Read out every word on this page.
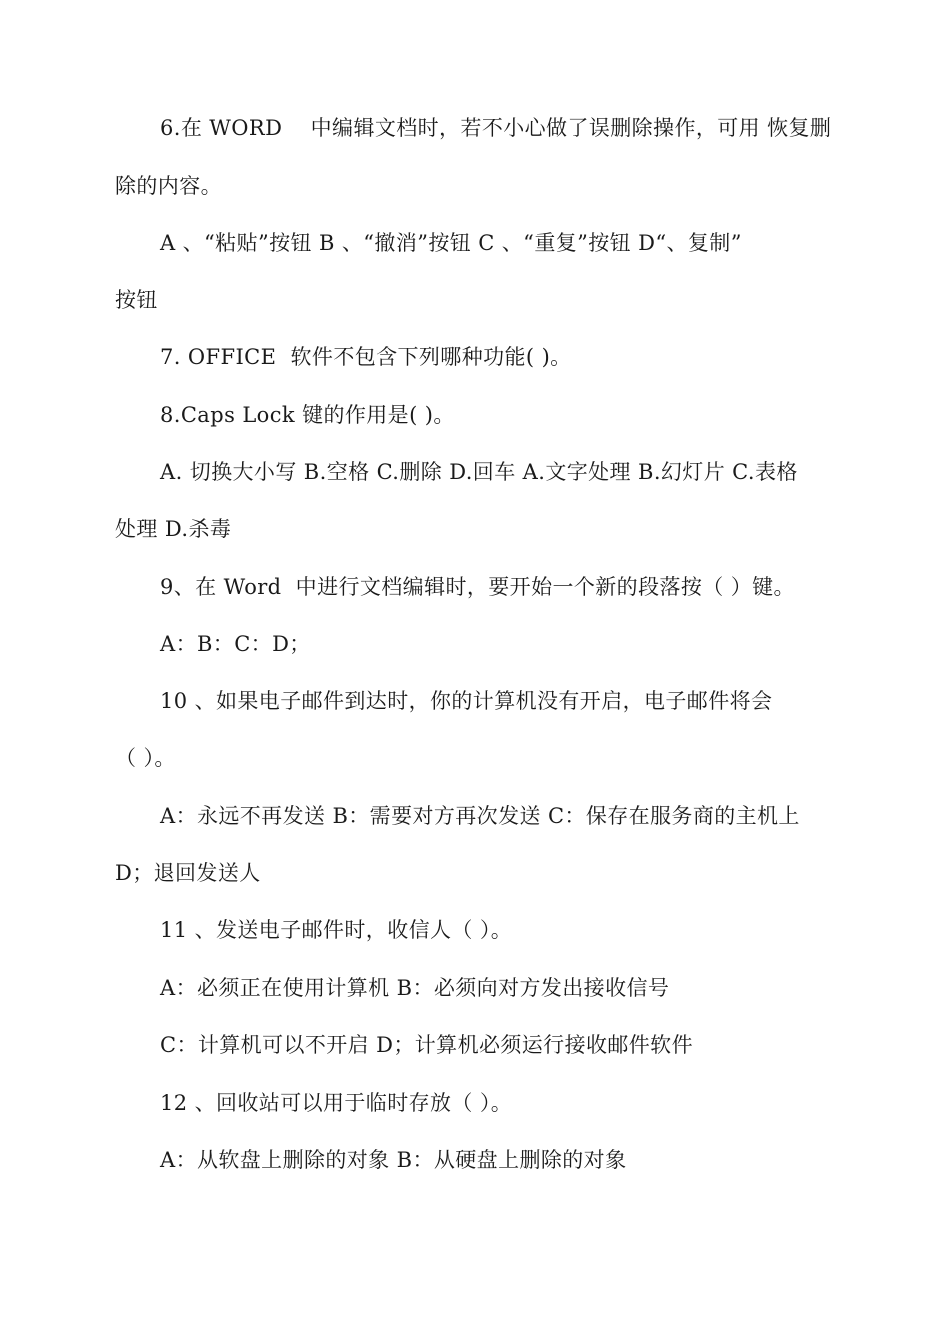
6.在 WORD    中编辑文档时，若不小心做了误删除操作，可用 恢复删
除的内容。
A 、“粘贴”按钮 B 、“撤消”按钮 C 、“重复”按钮 D“、复制”
按钮
7. OFFICE  软件不包含下列哪种功能( )。
8.Caps Lock 键的作用是( )。
A. 切换大小写 B.空格 C.删除 D.回车 A.文字处理 B.幻灯片 C.表格
处理 D.杀毒
9、在 Word  中进行文档编辑时，要开始一个新的段落按（ ）键。
A：B：C：D；
10 、如果电子邮件到达时，你的计算机没有开启，电子邮件将会
（ ）。
A：永远不再发送 B：需要对方再次发送 C：保存在服务商的主机上
D；退回发送人
11 、发送电子邮件时，收信人（ ）。
A：必须正在使用计算机 B：必须向对方发出接收信号
C：计算机可以不开启 D；计算机必须运行接收邮件软件
12 、回收站可以用于临时存放（ ）。
A：从软盘上删除的对象 B：从硬盘上删除的对象
